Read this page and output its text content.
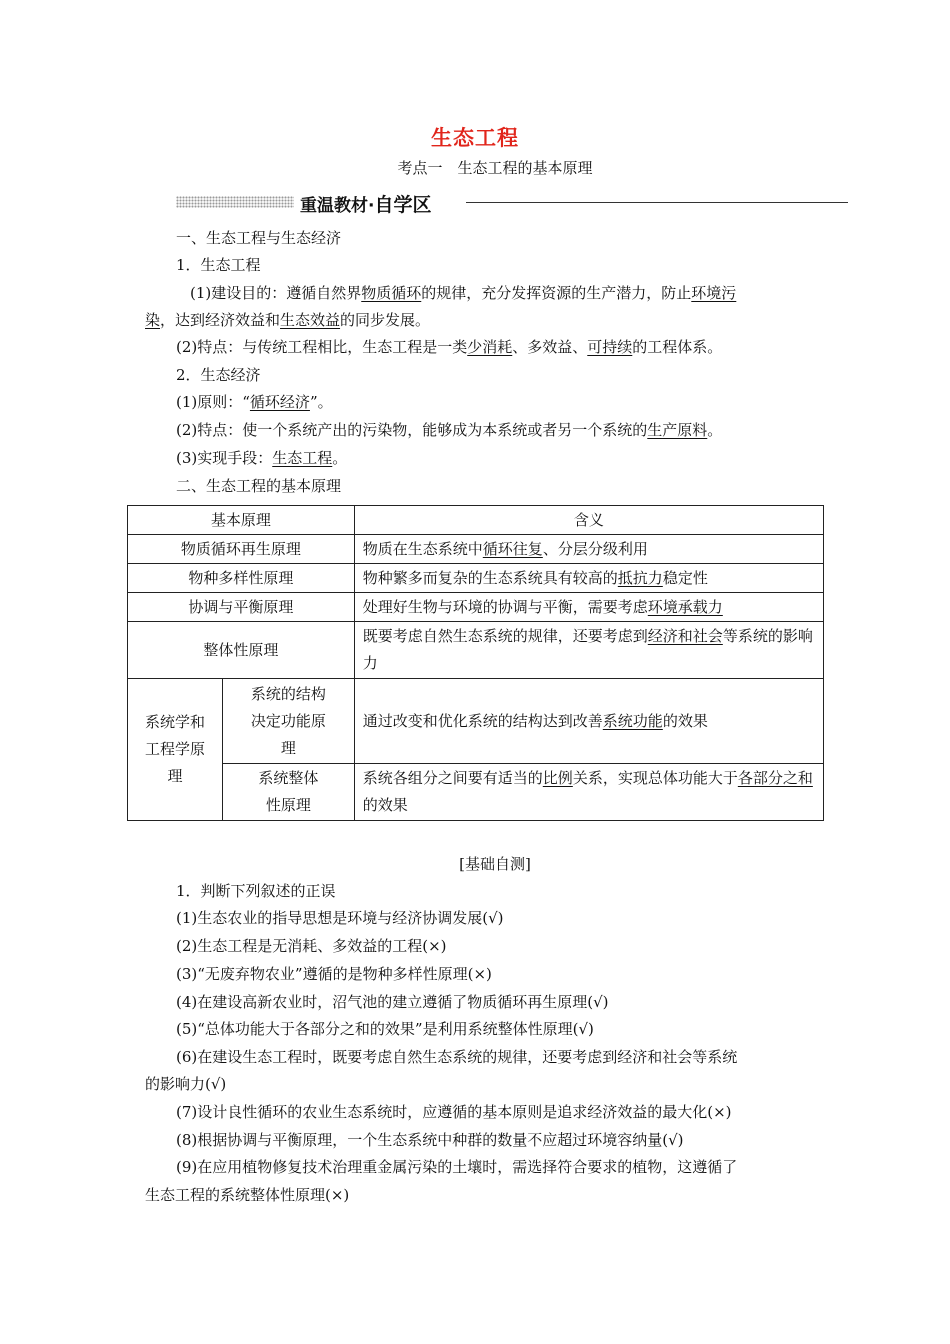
生态工程
考点一　生态工程的基本原理
重温教材·自学区
一、生态工程与生态经济
1．生态工程
(1)建设目的：遵循自然界物质循环的规律，充分发挥资源的生产潜力，防止环境污
染，达到经济效益和生态效益的同步发展。
(2)特点：与传统工程相比，生态工程是一类少消耗、多效益、可持续的工程体系。
2．生态经济
(1)原则：“循环经济”。
(2)特点：使一个系统产出的污染物，能够成为本系统或者另一个系统的生产原料。
(3)实现手段：生态工程。
二、生态工程的基本原理
基本原理		含义
物质循环再生原理		物质在生态系统中循环往复、分层分级利用
物种多样性原理		物种繁多而复杂的生态系统具有较高的抵抗力稳定性
协调与平衡原理		处理好生物与环境的协调与平衡，需要考虑环境承载力
整体性原理		既要考虑自然生态系统的规律，还要考虑到经济和社会等系统的影响力
系统学和工程学原理	系统的结构决定功能原理	通过改变和优化系统的结构达到改善系统功能的效果
	系统整体性原理	系统各组分之间要有适当的比例关系，实现总体功能大于各部分之和的效果
[基础自测]
1．判断下列叙述的正误
(1)生态农业的指导思想是环境与经济协调发展(√)
(2)生态工程是无消耗、多效益的工程(×)
(3)“无废弃物农业”遵循的是物种多样性原理(×)
(4)在建设高新农业时，沼气池的建立遵循了物质循环再生原理(√)
(5)“总体功能大于各部分之和的效果”是利用系统整体性原理(√)
(6)在建设生态工程时，既要考虑自然生态系统的规律，还要考虑到经济和社会等系统
的影响力(√)
(7)设计良性循环的农业生态系统时，应遵循的基本原则是追求经济效益的最大化(×)
(8)根据协调与平衡原理，一个生态系统中种群的数量不应超过环境容纳量(√)
(9)在应用植物修复技术治理重金属污染的土壤时，需选择符合要求的植物，这遵循了
生态工程的系统整体性原理(×)
